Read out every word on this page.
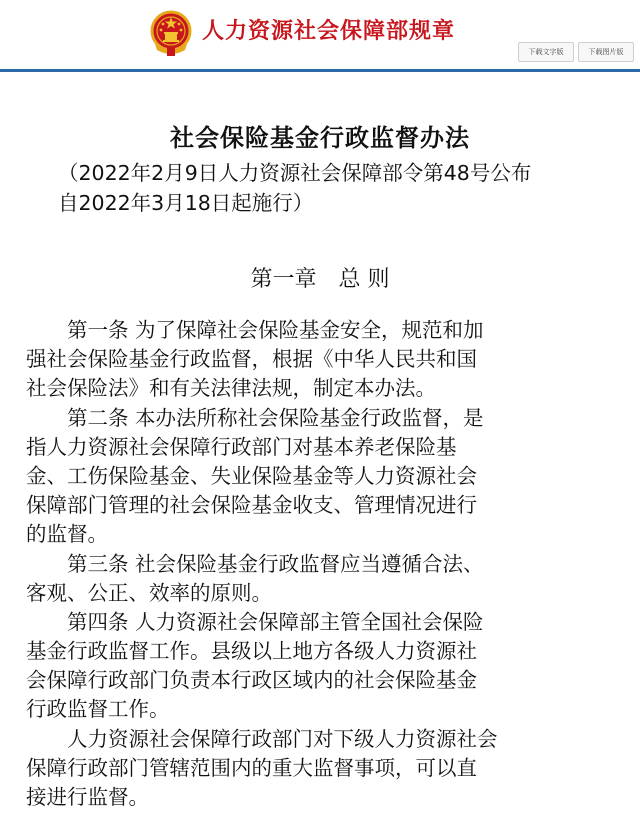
人力资源社会保障部规章
下载文字版	下载图片版
社会保险基金行政监督办法
（2022年2月9日人力资源社会保障部令第48号公布
自2022年3月18日起施行）
第一章　总 则
　　第一条 为了保障社会保险基金安全，规范和加
强社会保险基金行政监督，根据《中华人民共和国
社会保险法》和有关法律法规，制定本办法。
　　第二条 本办法所称社会保险基金行政监督，是
指人力资源社会保障行政部门对基本养老保险基
金、工伤保险基金、失业保险基金等人力资源社会
保障部门管理的社会保险基金收支、管理情况进行
的监督。
　　第三条 社会保险基金行政监督应当遵循合法、
客观、公正、效率的原则。
　　第四条 人力资源社会保障部主管全国社会保险
基金行政监督工作。县级以上地方各级人力资源社
会保障行政部门负责本行政区域内的社会保险基金
行政监督工作。
　　人力资源社会保障行政部门对下级人力资源社会
保障行政部门管辖范围内的重大监督事项，可以直
接进行监督。
